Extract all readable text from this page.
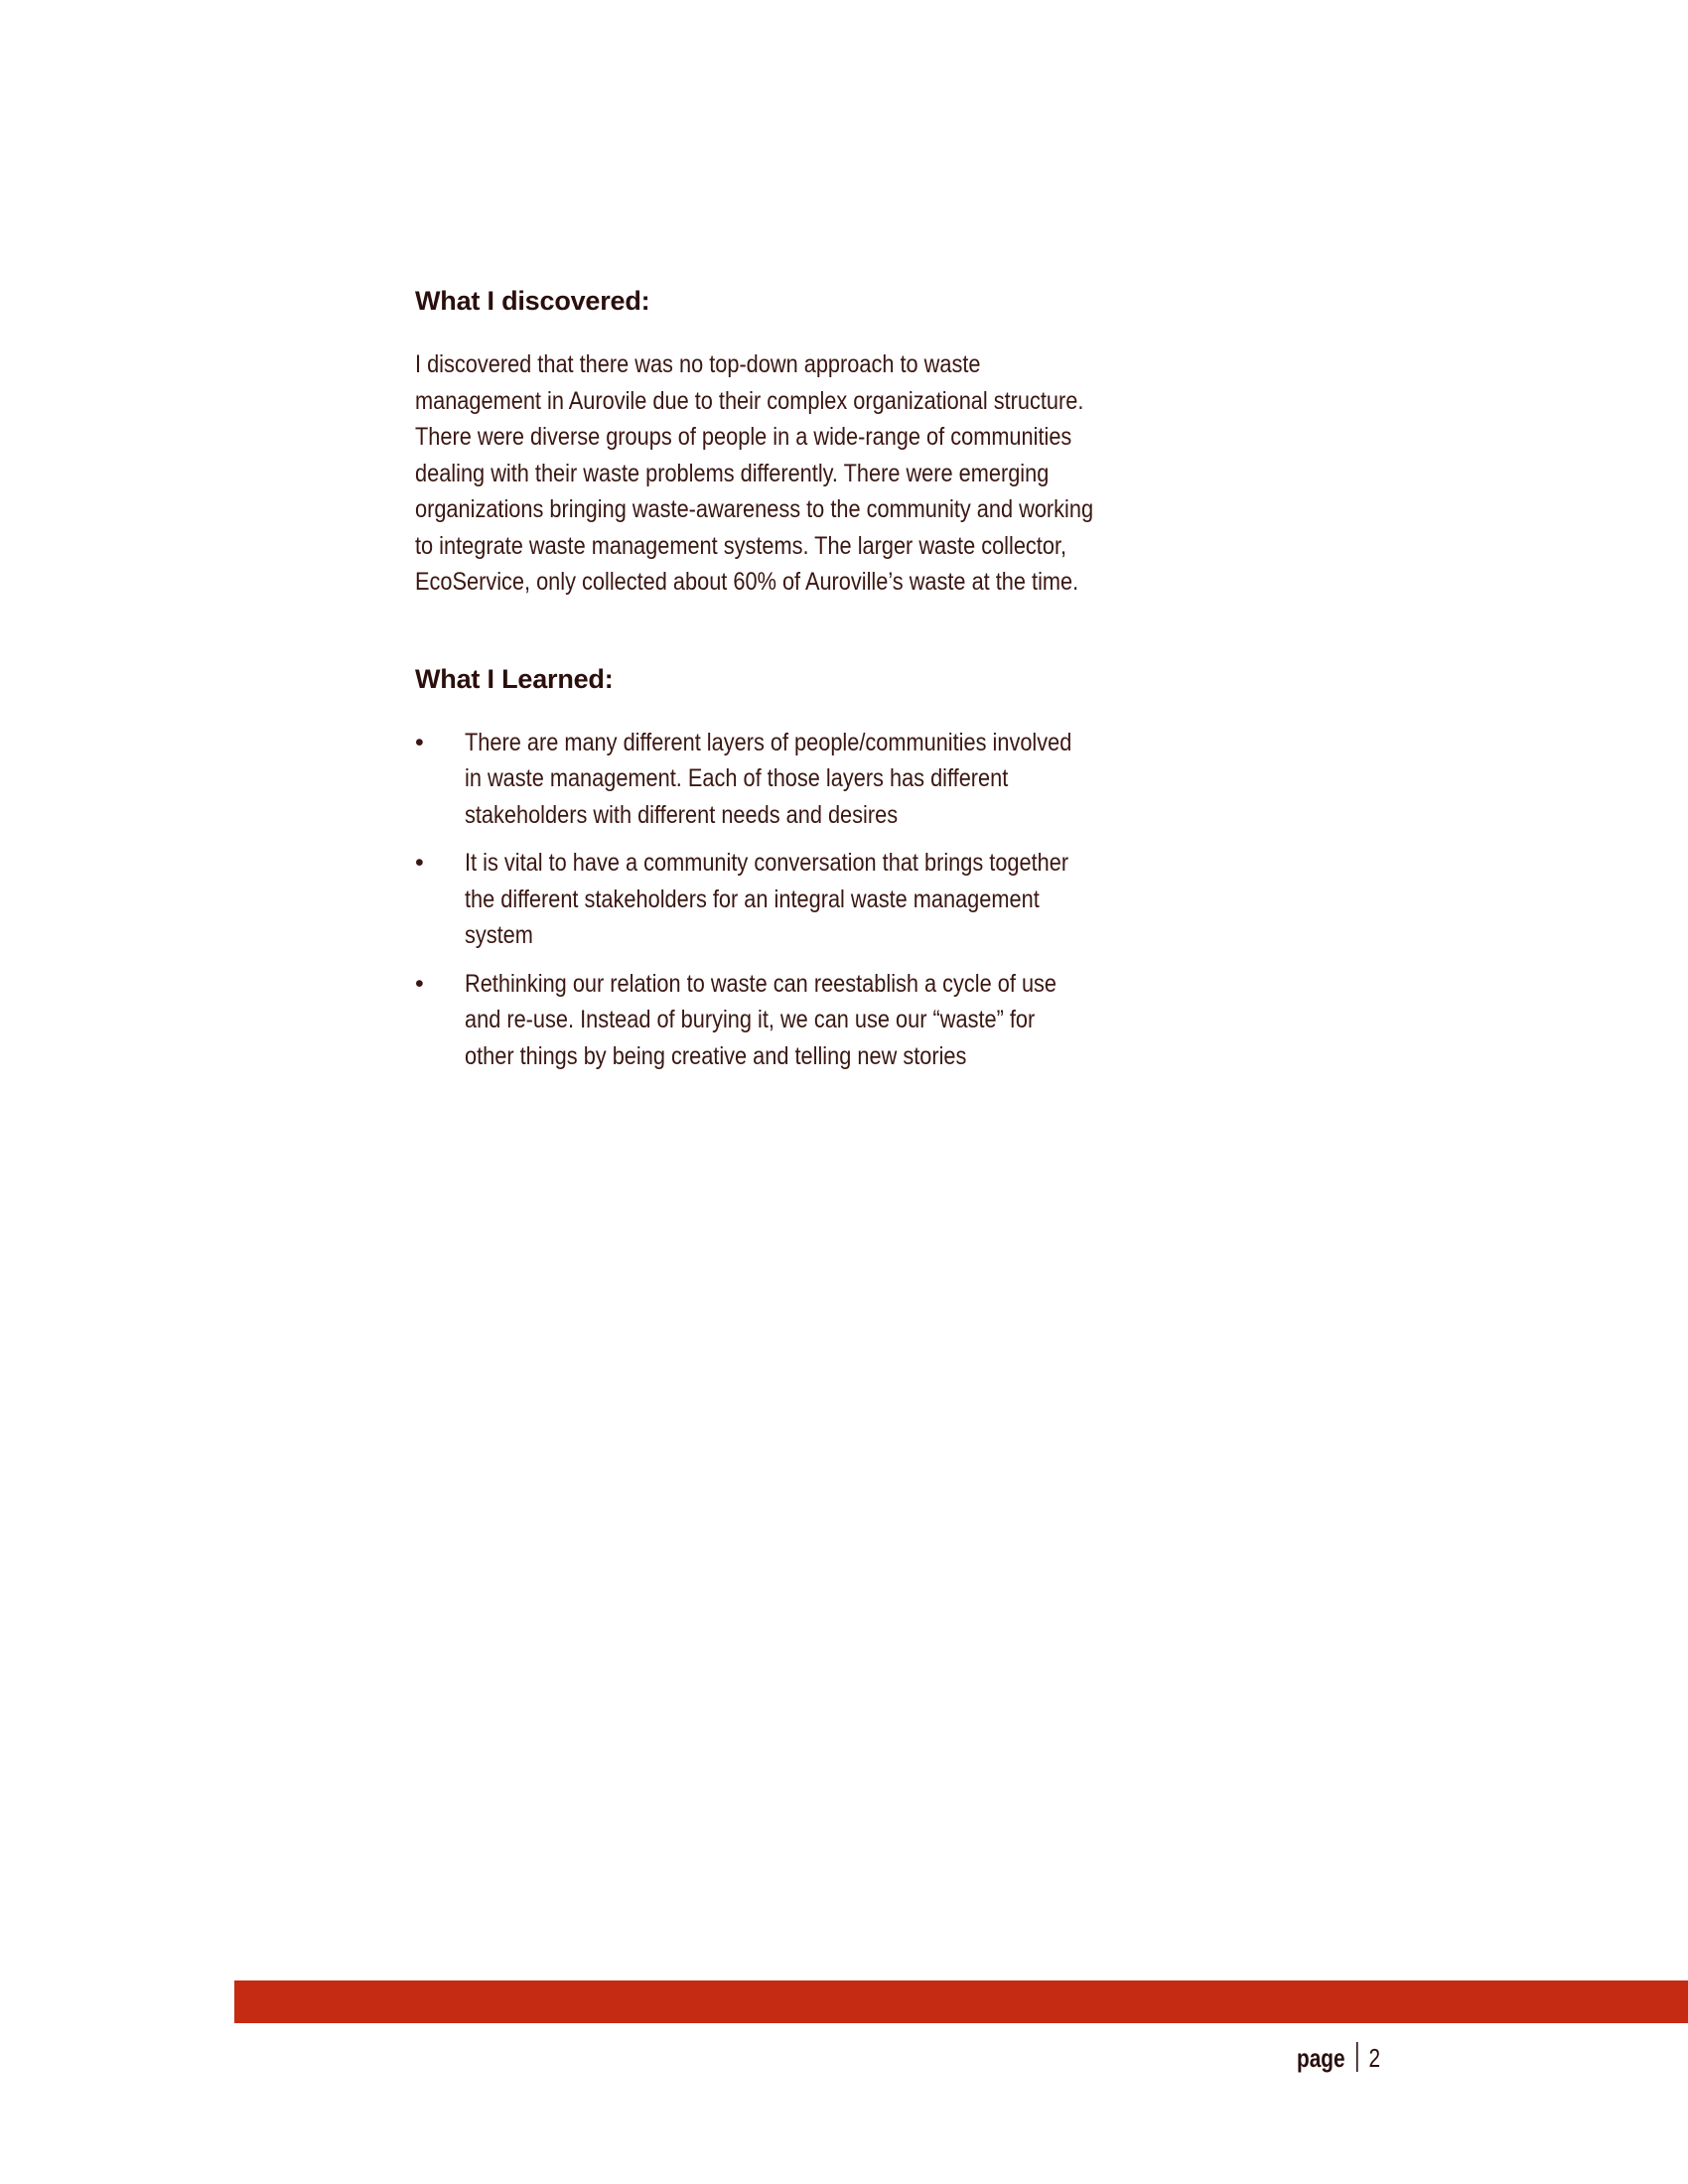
What I discovered:

I discovered that there was no top-down approach to waste management in Aurovile due to their complex organizational structure. There were diverse groups of people in a wide-range of communities dealing with their waste problems differently. There were emerging organizations bringing waste-awareness to the community and working to integrate waste management systems. The larger waste collector, EcoService, only collected about 60% of Auroville’s waste at the time.

What I Learned:
• There are many different layers of people/communities involved in waste management. Each of those layers has different stakeholders with different needs and desires
• It is vital to have a community conversation that brings together the different stakeholders for an integral waste management system
• Rethinking our relation to waste can reestablish a cycle of use and re-use. Instead of burying it, we can use our “waste” for other things by being creative and telling new stories
page 2
